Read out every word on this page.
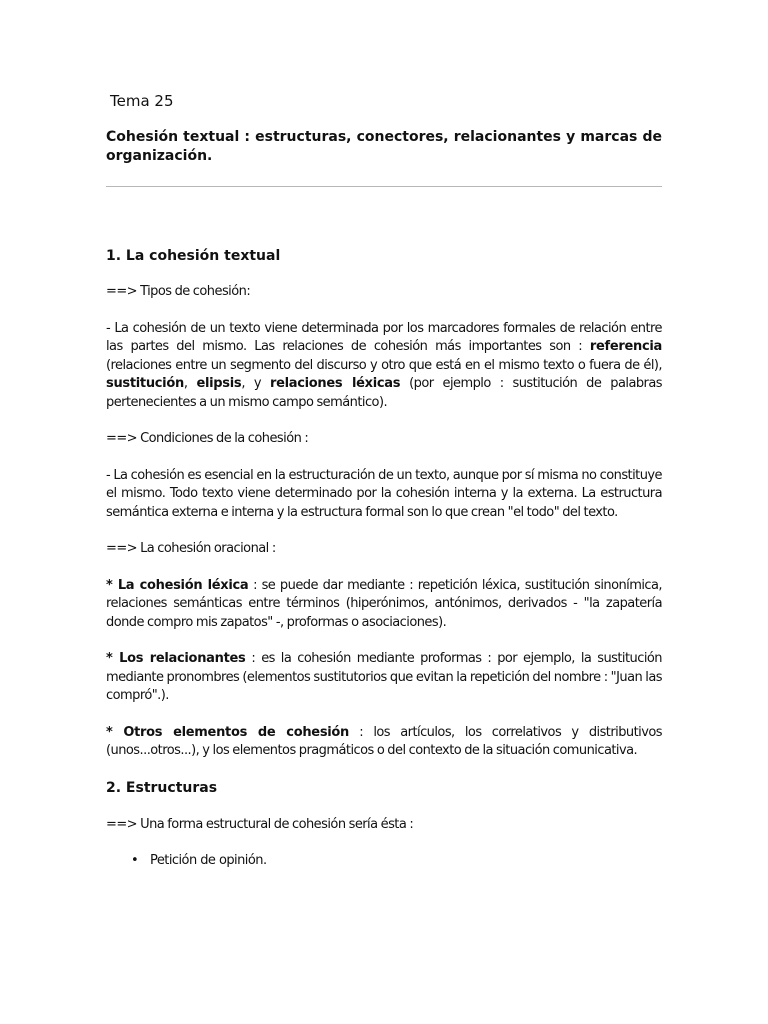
Tema 25
Cohesión textual : estructuras, conectores, relacionantes y marcas de organización.
1. La cohesión textual

==> Tipos de cohesión:

- La cohesión de un texto viene determinada por los marcadores formales de relación entre las partes del mismo. Las relaciones de cohesión más importantes son : referencia (relaciones entre un segmento del discurso y otro que está en el mismo texto o fuera de él), sustitución, elipsis, y relaciones léxicas (por ejemplo : sustitución de palabras pertenecientes a un mismo campo semántico).

==> Condiciones de la cohesión :

- La cohesión es esencial en la estructuración de un texto, aunque por sí misma no constituye el mismo. Todo texto viene determinado por la cohesión interna y la externa. La estructura semántica externa e interna y la estructura formal son lo que crean "el todo" del texto.

==> La cohesión oracional :

* La cohesión léxica : se puede dar mediante : repetición léxica, sustitución sinonímica, relaciones semánticas entre términos (hiperónimos, antónimos, derivados - "la zapatería donde compro mis zapatos" -, proformas o asociaciones).

* Los relacionantes : es la cohesión mediante proformas : por ejemplo, la sustitución mediante pronombres (elementos sustitutorios que evitan la repetición del nombre : "Juan las compró".).

* Otros elementos de cohesión : los artículos, los correlativos y distributivos (unos...otros...), y los elementos pragmáticos o del contexto de la situación comunicativa.

2. Estructuras

==> Una forma estructural de cohesión sería ésta :

• Petición de opinión.
